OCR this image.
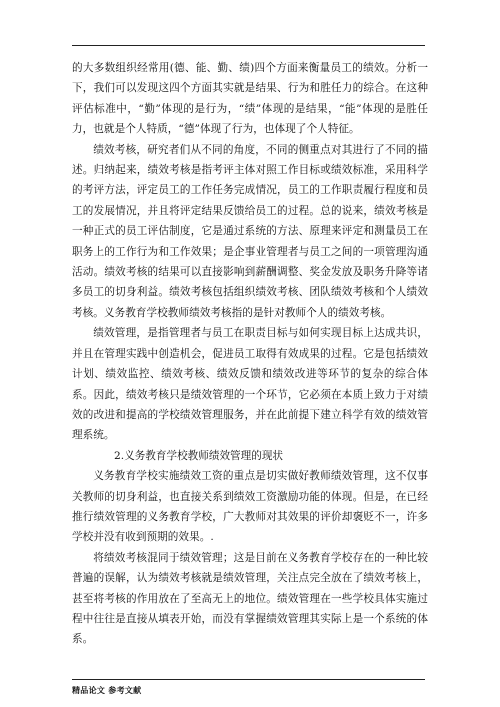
的大多数组织经常用(德、能、勤、绩)四个方面来衡量员工的绩效。分析一下，我们可以发现这四个方面其实就是结果、行为和胜任力的综合。在这种评估标准中，“勤”体现的是行为，“绩”体现的是结果，“能”体现的是胜任力，也就是个人特质，“德”体现了行为，也体现了个人特征。

绩效考核，研究者们从不同的角度，不同的侧重点对其进行了不同的描述。归纳起来，绩效考核是指考评主体对照工作目标或绩效标准，采用科学的考评方法，评定员工的工作任务完成情况，员工的工作职责履行程度和员工的发展情况，并且将评定结果反馈给员工的过程。总的说来，绩效考核是一种正式的员工评估制度，它是通过系统的方法、原理来评定和测量员工在职务上的工作行为和工作效果；是企事业管理者与员工之间的一项管理沟通活动。绩效考核的结果可以直接影响到薪酬调整、奖金发放及职务升降等诸多员工的切身利益。绩效考核包括组织绩效考核、团队绩效考核和个人绩效考核。义务教育学校教师绩效考核指的是针对教师个人的绩效考核。

绩效管理，是指管理者与员工在职责目标与如何实现目标上达成共识，并且在管理实践中创造机会，促进员工取得有效成果的过程。它是包括绩效计划、绩效监控、绩效考核、绩效反馈和绩效改进等环节的复杂的综合体系。因此，绩效考核只是绩效管理的一个环节，它必须在本质上致力于对绩效的改进和提高的学校绩效管理服务，并在此前提下建立科学有效的绩效管理系统。

2.义务教育学校教师绩效管理的现状

义务教育学校实施绩效工资的重点是切实做好教师绩效管理，这不仅事关教师的切身利益，也直接关系到绩效工资激励功能的体现。但是，在已经推行绩效管理的义务教育学校，广大教师对其效果的评价却褒贬不一，许多学校并没有收到预期的效果。.

将绩效考核混同于绩效管理；这是目前在义务教育学校存在的一种比较普遍的误解，认为绩效考核就是绩效管理，关注点完全放在了绩效考核上，甚至将考核的作用放在了至高无上的地位。绩效管理在一些学校具体实施过程中往往是直接从填表开始，而没有掌握绩效管理其实际上是一个系统的体系。

精品论文 参考文献
